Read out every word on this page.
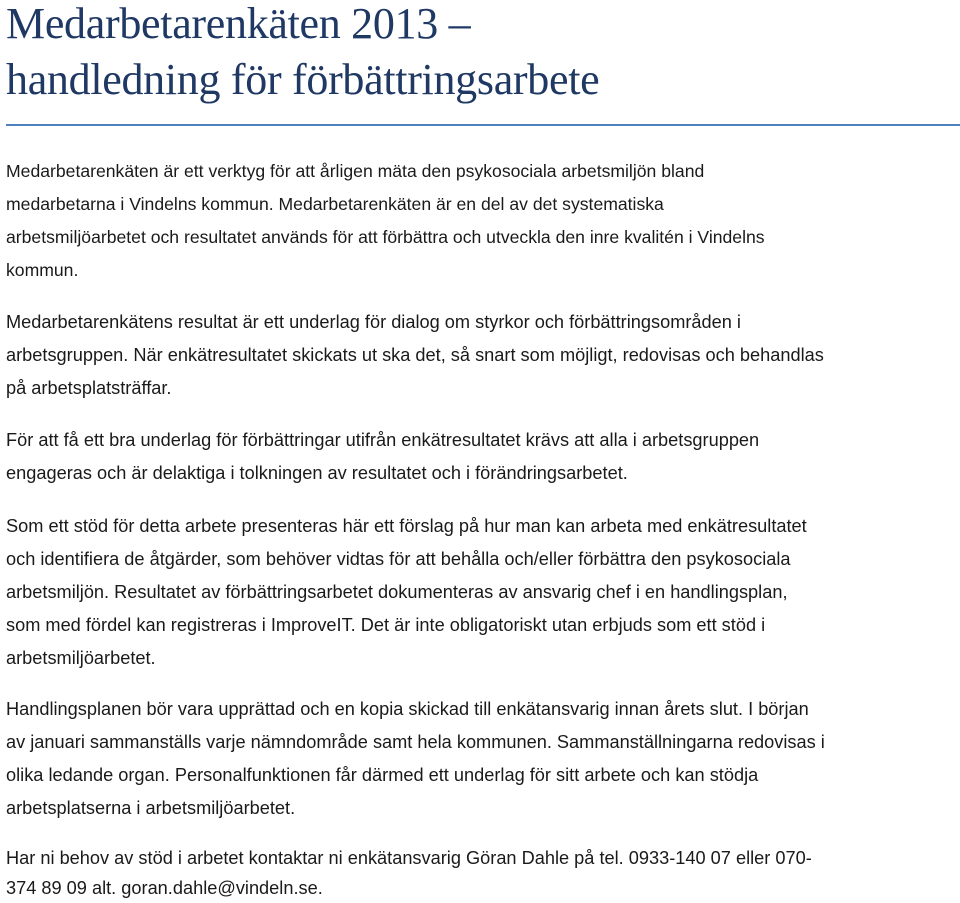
Medarbetarenkäten 2013 –
handledning för förbättringsarbete

Medarbetarenkäten är ett verktyg för att årligen mäta den psykosociala arbetsmiljön bland
medarbetarna i Vindelns kommun. Medarbetarenkäten är en del av det systematiska
arbetsmiljöarbetet och resultatet används för att förbättra och utveckla den inre kvalitén i Vindelns
kommun.

Medarbetarenkätens resultat är ett underlag för dialog om styrkor och förbättringsområden i
arbetsgruppen. När enkätresultatet skickats ut ska det, så snart som möjligt, redovisas och behandlas
på arbetsplatsträffar.

För att få ett bra underlag för förbättringar utifrån enkätresultatet krävs att alla i arbetsgruppen
engageras och är delaktiga i tolkningen av resultatet och i förändringsarbetet.

Som ett stöd för detta arbete presenteras här ett förslag på hur man kan arbeta med enkätresultatet
och identifiera de åtgärder, som behöver vidtas för att behålla och/eller förbättra den psykosociala
arbetsmiljön. Resultatet av förbättringsarbetet dokumenteras av ansvarig chef i en handlingsplan,
som med fördel kan registreras i ImproveIT. Det är inte obligatoriskt utan erbjuds som ett stöd i
arbetsmiljöarbetet.

Handlingsplanen bör vara upprättad och en kopia skickad till enkätansvarig innan årets slut. I början
av januari sammanställs varje nämndområde samt hela kommunen. Sammanställningarna redovisas i
olika ledande organ. Personalfunktionen får därmed ett underlag för sitt arbete och kan stödja
arbetsplatserna i arbetsmiljöarbetet.

Har ni behov av stöd i arbetet kontaktar ni enkätansvarig Göran Dahle på tel. 0933-140 07 eller 070-
374 89 09 alt. goran.dahle@vindeln.se.
